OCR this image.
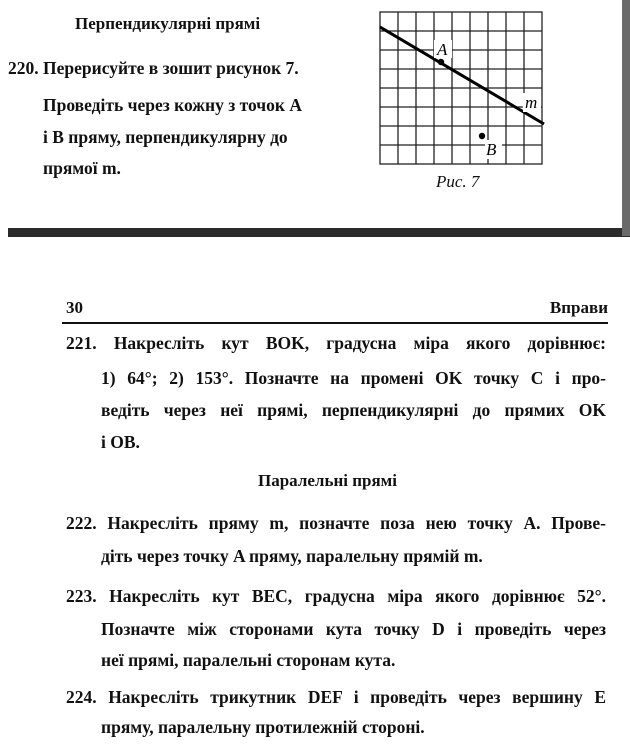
Перпендикулярні прямі
220. Перерисуйте в зошит рисунок 7.
Проведіть через кожну з точок A
і B пряму, перпендикулярну до
прямої m.
A
m
B
Рис. 7
30	Вправи
221. Накресліть кут BOK, градусна міра якого дорівнює:
1) 64°; 2) 153°. Позначте на промені OK точку C і про-
ведіть через неї прямі, перпендикулярні до прямих OK
і OB.
Паралельні прямі
222. Накресліть пряму m, позначте поза нею точку A. Прове-
діть через точку A пряму, паралельну прямій m.
223. Накресліть кут BEC, градусна міра якого дорівнює 52°.
Позначте між сторонами кута точку D і проведіть через
неї прямі, паралельні сторонам кута.
224. Накресліть трикутник DEF і проведіть через вершину E
пряму, паралельну протилежній стороні.
